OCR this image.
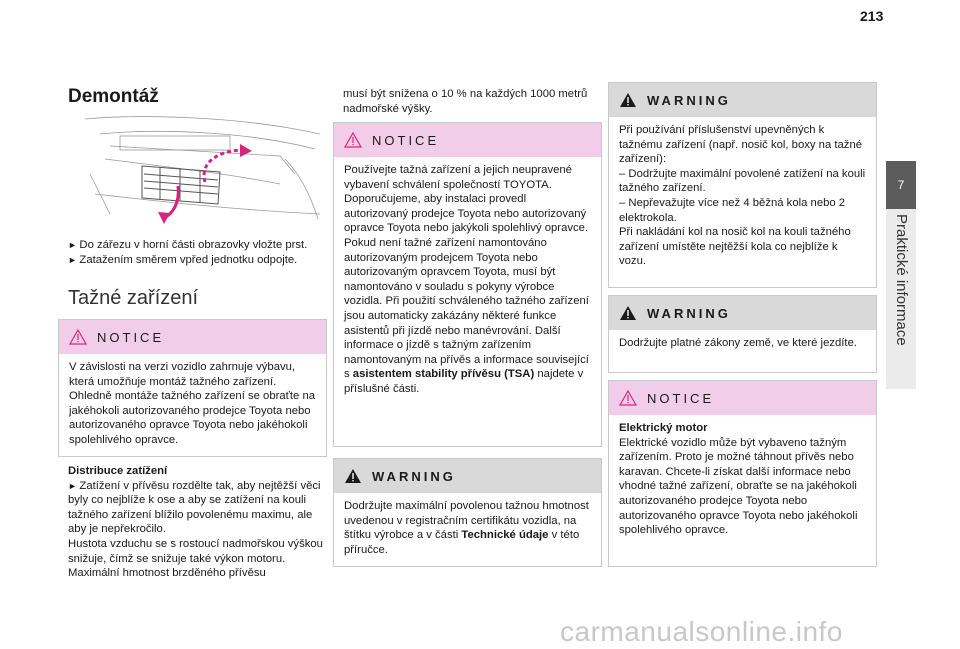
213
Demontáž
► Do zářezu v horní části obrazovky vložte prst.
► Zatažením směrem vpřed jednotku odpojte.
Tažné zařízení
NOTICE
V závislosti na verzi vozidlo zahrnuje výbavu, která umožňuje montáž tažného zařízení. Ohledně montáže tažného zařízení se obraťte na jakéhokoli autorizovaného prodejce Toyota nebo autorizovaného opravce Toyota nebo jakéhokoli spolehlivého opravce.
Distribuce zatížení
► Zatížení v přívěsu rozdělte tak, aby nejtěžší věci byly co nejblíže k ose a aby se zatížení na kouli tažného zařízení blížilo povolenému maximu, ale aby je nepřekročilo.
Hustota vzduchu se s rostoucí nadmořskou výškou snižuje, čímž se snižuje také výkon motoru. Maximální hmotnost brzděného přívěsu
musí být snížena o 10 % na každých 1000 metrů nadmořské výšky.
NOTICE
Používejte tažná zařízení a jejich neupravené vybavení schválení společností TOYOTA. Doporučujeme, aby instalaci provedl autorizovaný prodejce Toyota nebo autorizovaný opravce Toyota nebo jakýkoli spolehlivý opravce. Pokud není tažné zařízení namontováno autorizovaným prodejcem Toyota nebo autorizovaným opravcem Toyota, musí být namontováno v souladu s pokyny výrobce vozidla. Při použití schváleného tažného zařízení jsou automaticky zakázány některé funkce asistentů při jízdě nebo manévrování. Další informace o jízdě s tažným zařízením namontovaným na přívěs a informace související s asistentem stability přívěsu (TSA) najdete v příslušné části.
WARNING
Dodržujte maximální povolenou tažnou hmotnost uvedenou v registračním certifikátu vozidla, na štítku výrobce a v části Technické údaje v této příručce.
WARNING
Při používání příslušenství upevněných k tažnému zařízení (např. nosič kol, boxy na tažné zařízení):
– Dodržujte maximální povolené zatížení na kouli tažného zařízení.
– Nepřevažujte více než 4 běžná kola nebo 2 elektrokola.
Při nakládání kol na nosič kol na kouli tažného zařízení umístěte nejtěžší kola co nejblíže k vozu.
WARNING
Dodržujte platné zákony země, ve které jezdíte.
NOTICE
Elektrický motor
Elektrické vozidlo může být vybaveno tažným zařízením. Proto je možné táhnout přívěs nebo karavan. Chcete-li získat další informace nebo vhodné tažné zařízení, obraťte se na jakéhokoli autorizovaného prodejce Toyota nebo autorizovaného opravce Toyota nebo jakéhokoli spolehlivého opravce.
7
Praktické informace
carmanualsonline.info
